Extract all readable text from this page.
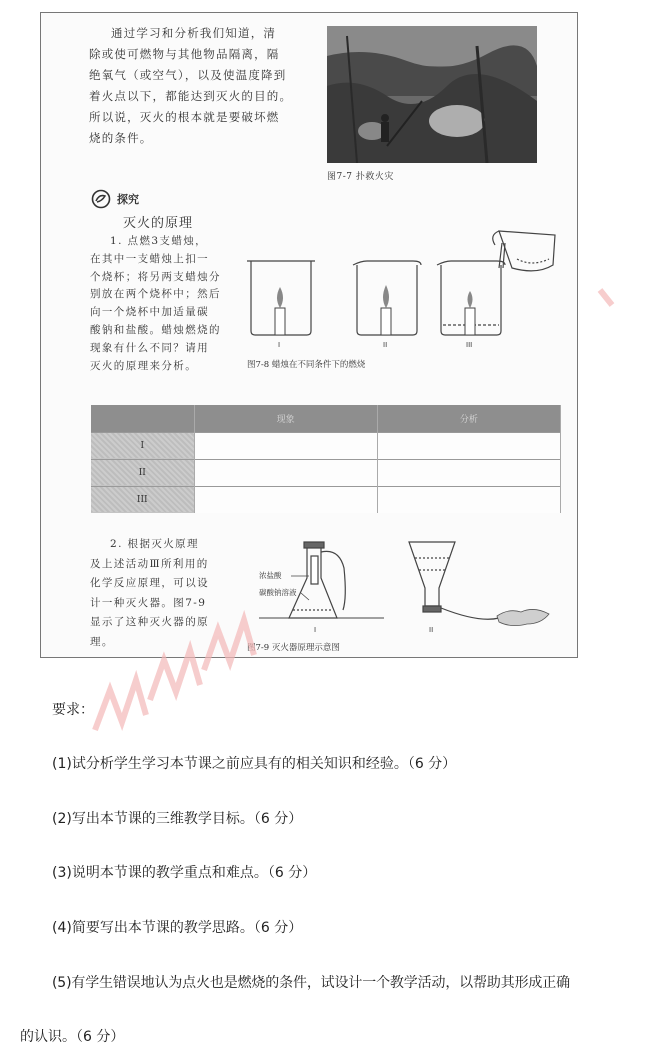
通过学习和分析我们知道，清
除或使可燃物与其他物品隔离，隔
绝氧气（或空气），以及使温度降到
着火点以下，都能达到灭火的目的。
所以说，灭火的根本就是要破坏燃
烧的条件。
图7-7 扑救火灾
探究
灭火的原理
1. 点燃3支蜡烛，
在其中一支蜡烛上扣一
个烧杯；将另两支蜡烛分
别放在两个烧杯中；然后
向一个烧杯中加适量碳
酸钠和盐酸。蜡烛燃烧的
现象有什么不同？请用
灭火的原理来分析。
I	II	III
图7-8 蜡烛在不同条件下的燃烧
	现象	分析
I		
II		
III		
2. 根据灭火原理
及上述活动Ⅲ所利用的
化学反应原理，可以设
计一种灭火器。图7-9
显示了这种灭火器的原
理。
浓盐酸
碳酸钠溶液
I	II
图7-9 灭火器原理示意图
要求：
(1)试分析学生学习本节课之前应具有的相关知识和经验。（6 分）
(2)写出本节课的三维教学目标。（6 分）
(3)说明本节课的教学重点和难点。（6 分）
(4)简要写出本节课的教学思路。（6 分）
(5)有学生错误地认为点火也是燃烧的条件，试设计一个教学活动，以帮助其形成正确
的认识。（6 分）
